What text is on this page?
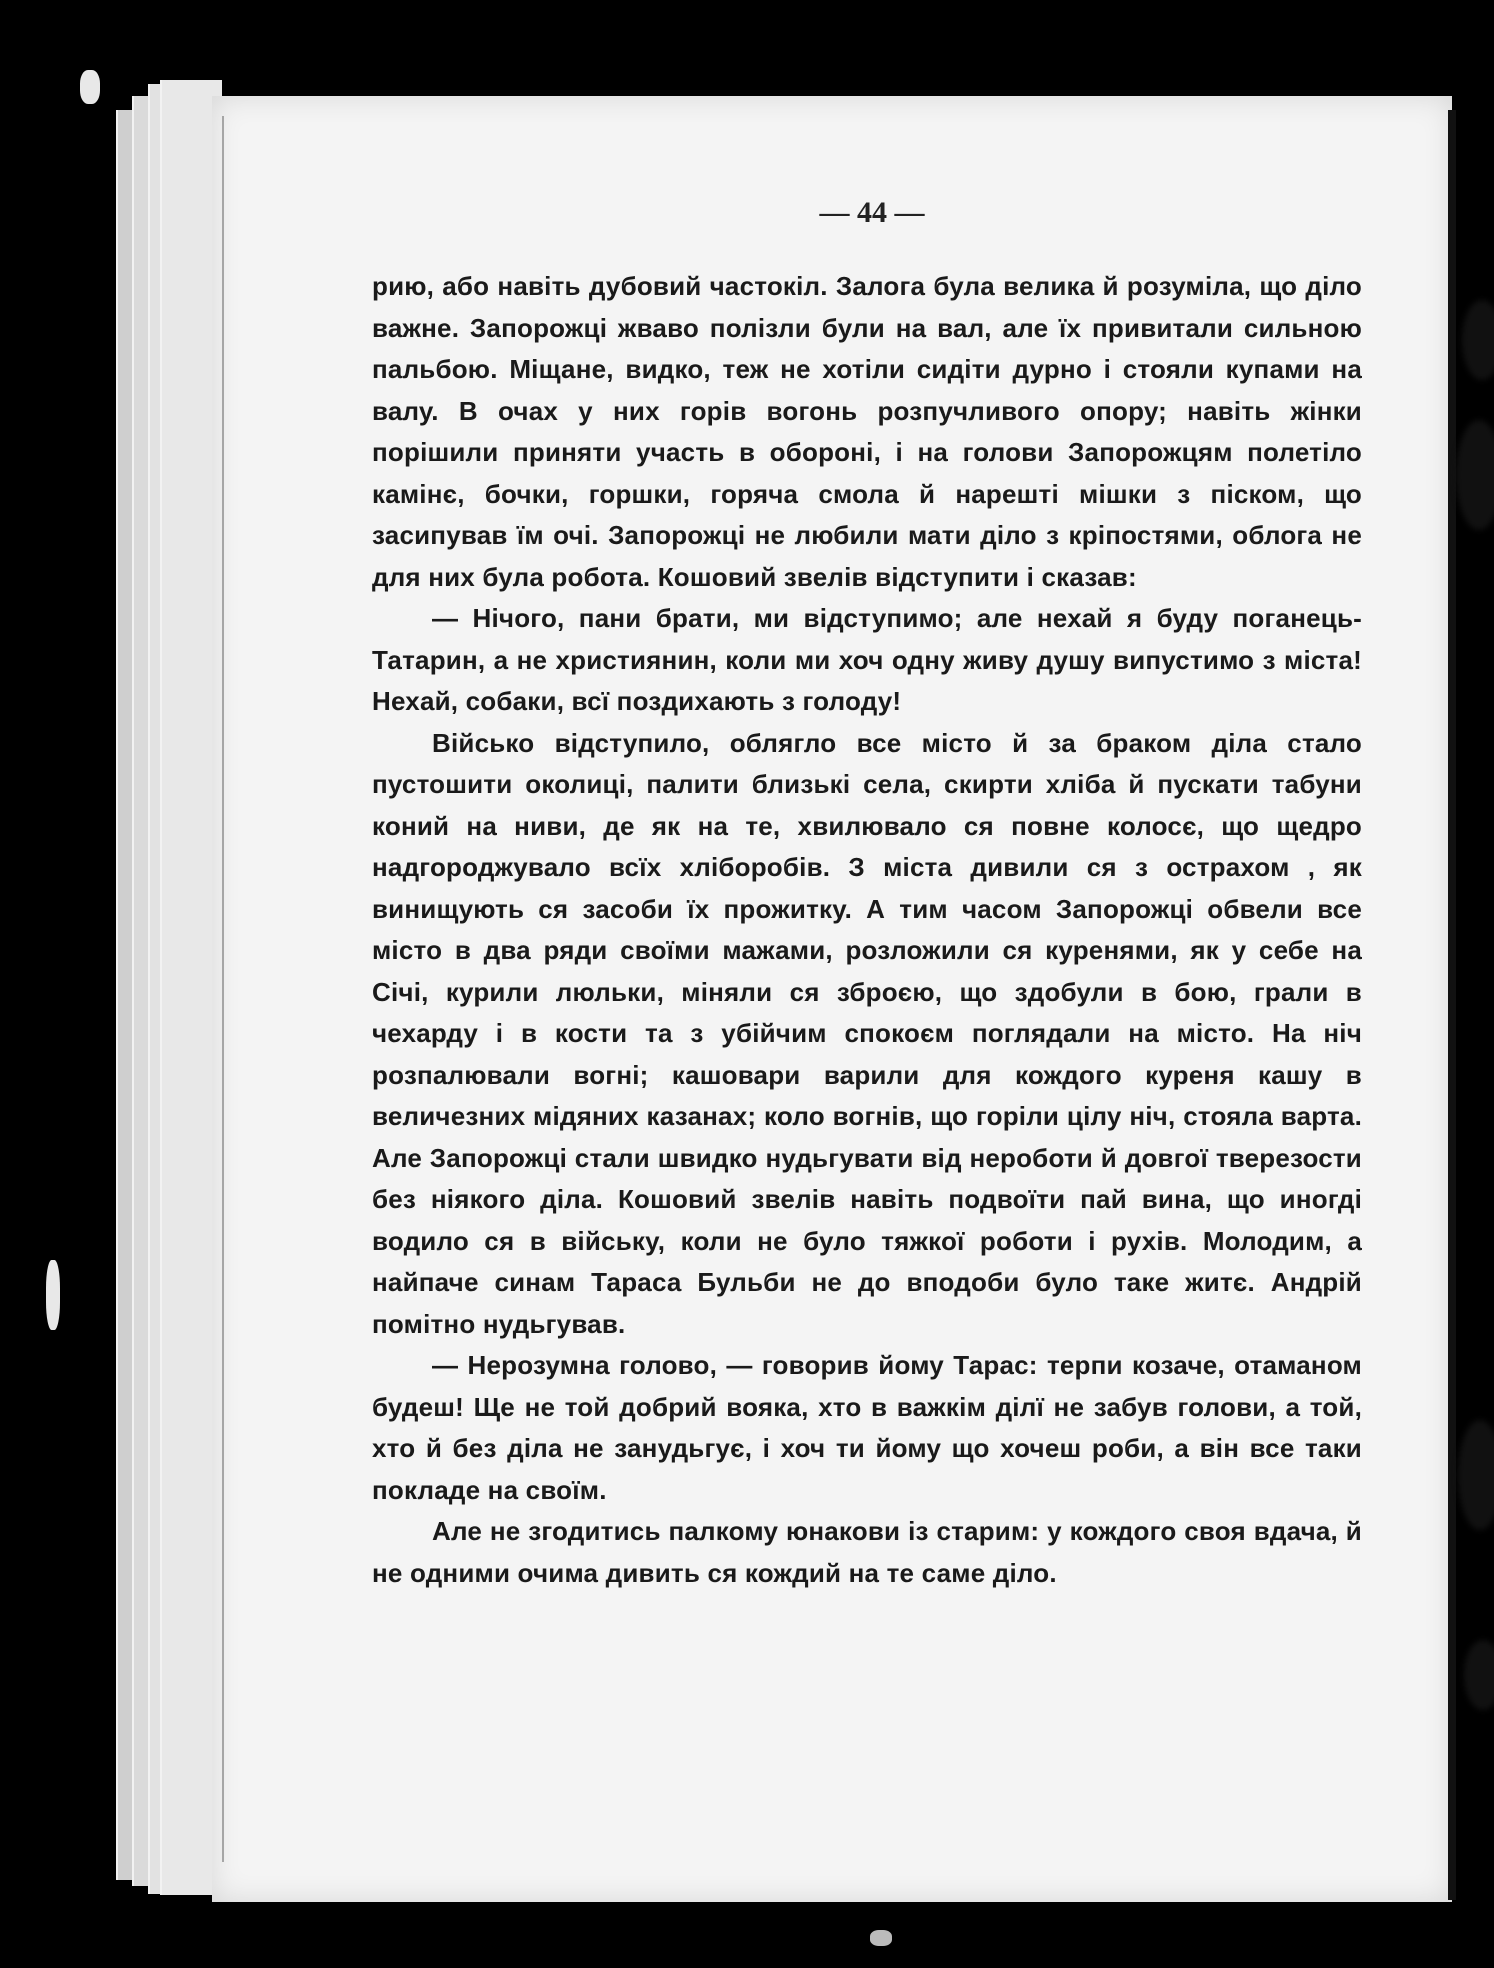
— 44 —

рию, або навіть дубовий частокіл. Залога була велика й розуміла, що діло важне. Запорожці жваво полізли були на вал, але їх привитали сильною пальбою. Міщане, видко, теж не хотіли сидіти дурно і стояли купами на валу. В очах у них горів вогонь розпучливого опору; навіть жінки порішили приняти участь в обороні, і на голови Запорожцям полетіло камінє, бочки, горшки, горяча смола й нарешті мішки з піском, що засипував їм очі. Запорожці не любили мати діло з кріпостями, облога не для них була робота. Кошовий звелів відступити і сказав:

— Нічого, пани брати, ми відступимо; але нехай я буду поганець-Татарин, а не християнин, коли ми хоч одну живу душу випустимо з міста! Нехай, собаки, всї поздихають з голоду!

Військо відступило, облягло все місто й за браком діла стало пустошити околиці, палити близькі села, скирти хліба й пускати табуни коний на ниви, де як на те, хвилювало ся повне колосє, що щедро надгороджувало всїх хліборобів. З міста дивили ся з острахом , як винищують ся засоби їх прожитку. А тим часом Запорожці обвели все місто в два ряди своїми мажами, розложили ся куренями, як у себе на Січі, курили люльки, міняли ся зброєю, що здобули в бою, грали в чехарду і в кости та з убійчим спокоєм поглядали на місто. На ніч розпалювали вогні; кашовари варили для кождого куреня кашу в величезних мідяних казанах; коло вогнів, що горіли цілу ніч, стояла варта. Але Запорожці стали швидко нудьгувати від нероботи й довгої тверезости без ніякого діла. Кошовий звелів навіть подвоїти пай вина, що иногді водило ся в війську, коли не було тяжкої роботи і рухів. Молодим, а найпаче синам Тараса Бульби не до вподоби було таке житє. Андрій помітно нудьгував.

— Нерозумна голово, — говорив йому Тарас: терпи козаче, отаманом будеш! Ще не той добрий вояка, хто в важкім ділї не забув голови, а той, хто й без діла не занудьгує, і хоч ти йому що хочеш роби, а він все таки покладе на своїм.

Але не згодитись палкому юнакови із старим: у кождого своя вдача, й не одними очима дивить ся кождий на те саме діло.
